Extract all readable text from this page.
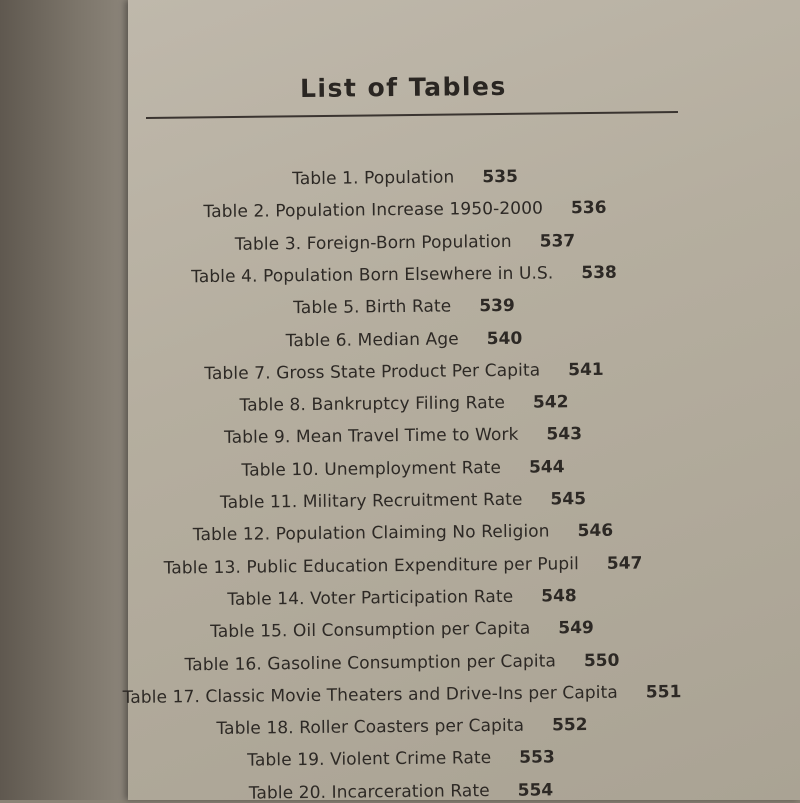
List of Tables
Table 1. Population 535
Table 2. Population Increase 1950-2000 536
Table 3. Foreign-Born Population 537
Table 4. Population Born Elsewhere in U.S. 538
Table 5. Birth Rate 539
Table 6. Median Age 540
Table 7. Gross State Product Per Capita 541
Table 8. Bankruptcy Filing Rate 542
Table 9. Mean Travel Time to Work 543
Table 10. Unemployment Rate 544
Table 11. Military Recruitment Rate 545
Table 12. Population Claiming No Religion 546
Table 13. Public Education Expenditure per Pupil 547
Table 14. Voter Participation Rate 548
Table 15. Oil Consumption per Capita 549
Table 16. Gasoline Consumption per Capita 550
Table 17. Classic Movie Theaters and Drive-Ins per Capita 551
Table 18. Roller Coasters per Capita 552
Table 19. Violent Crime Rate 553
Table 20. Incarceration Rate 554
